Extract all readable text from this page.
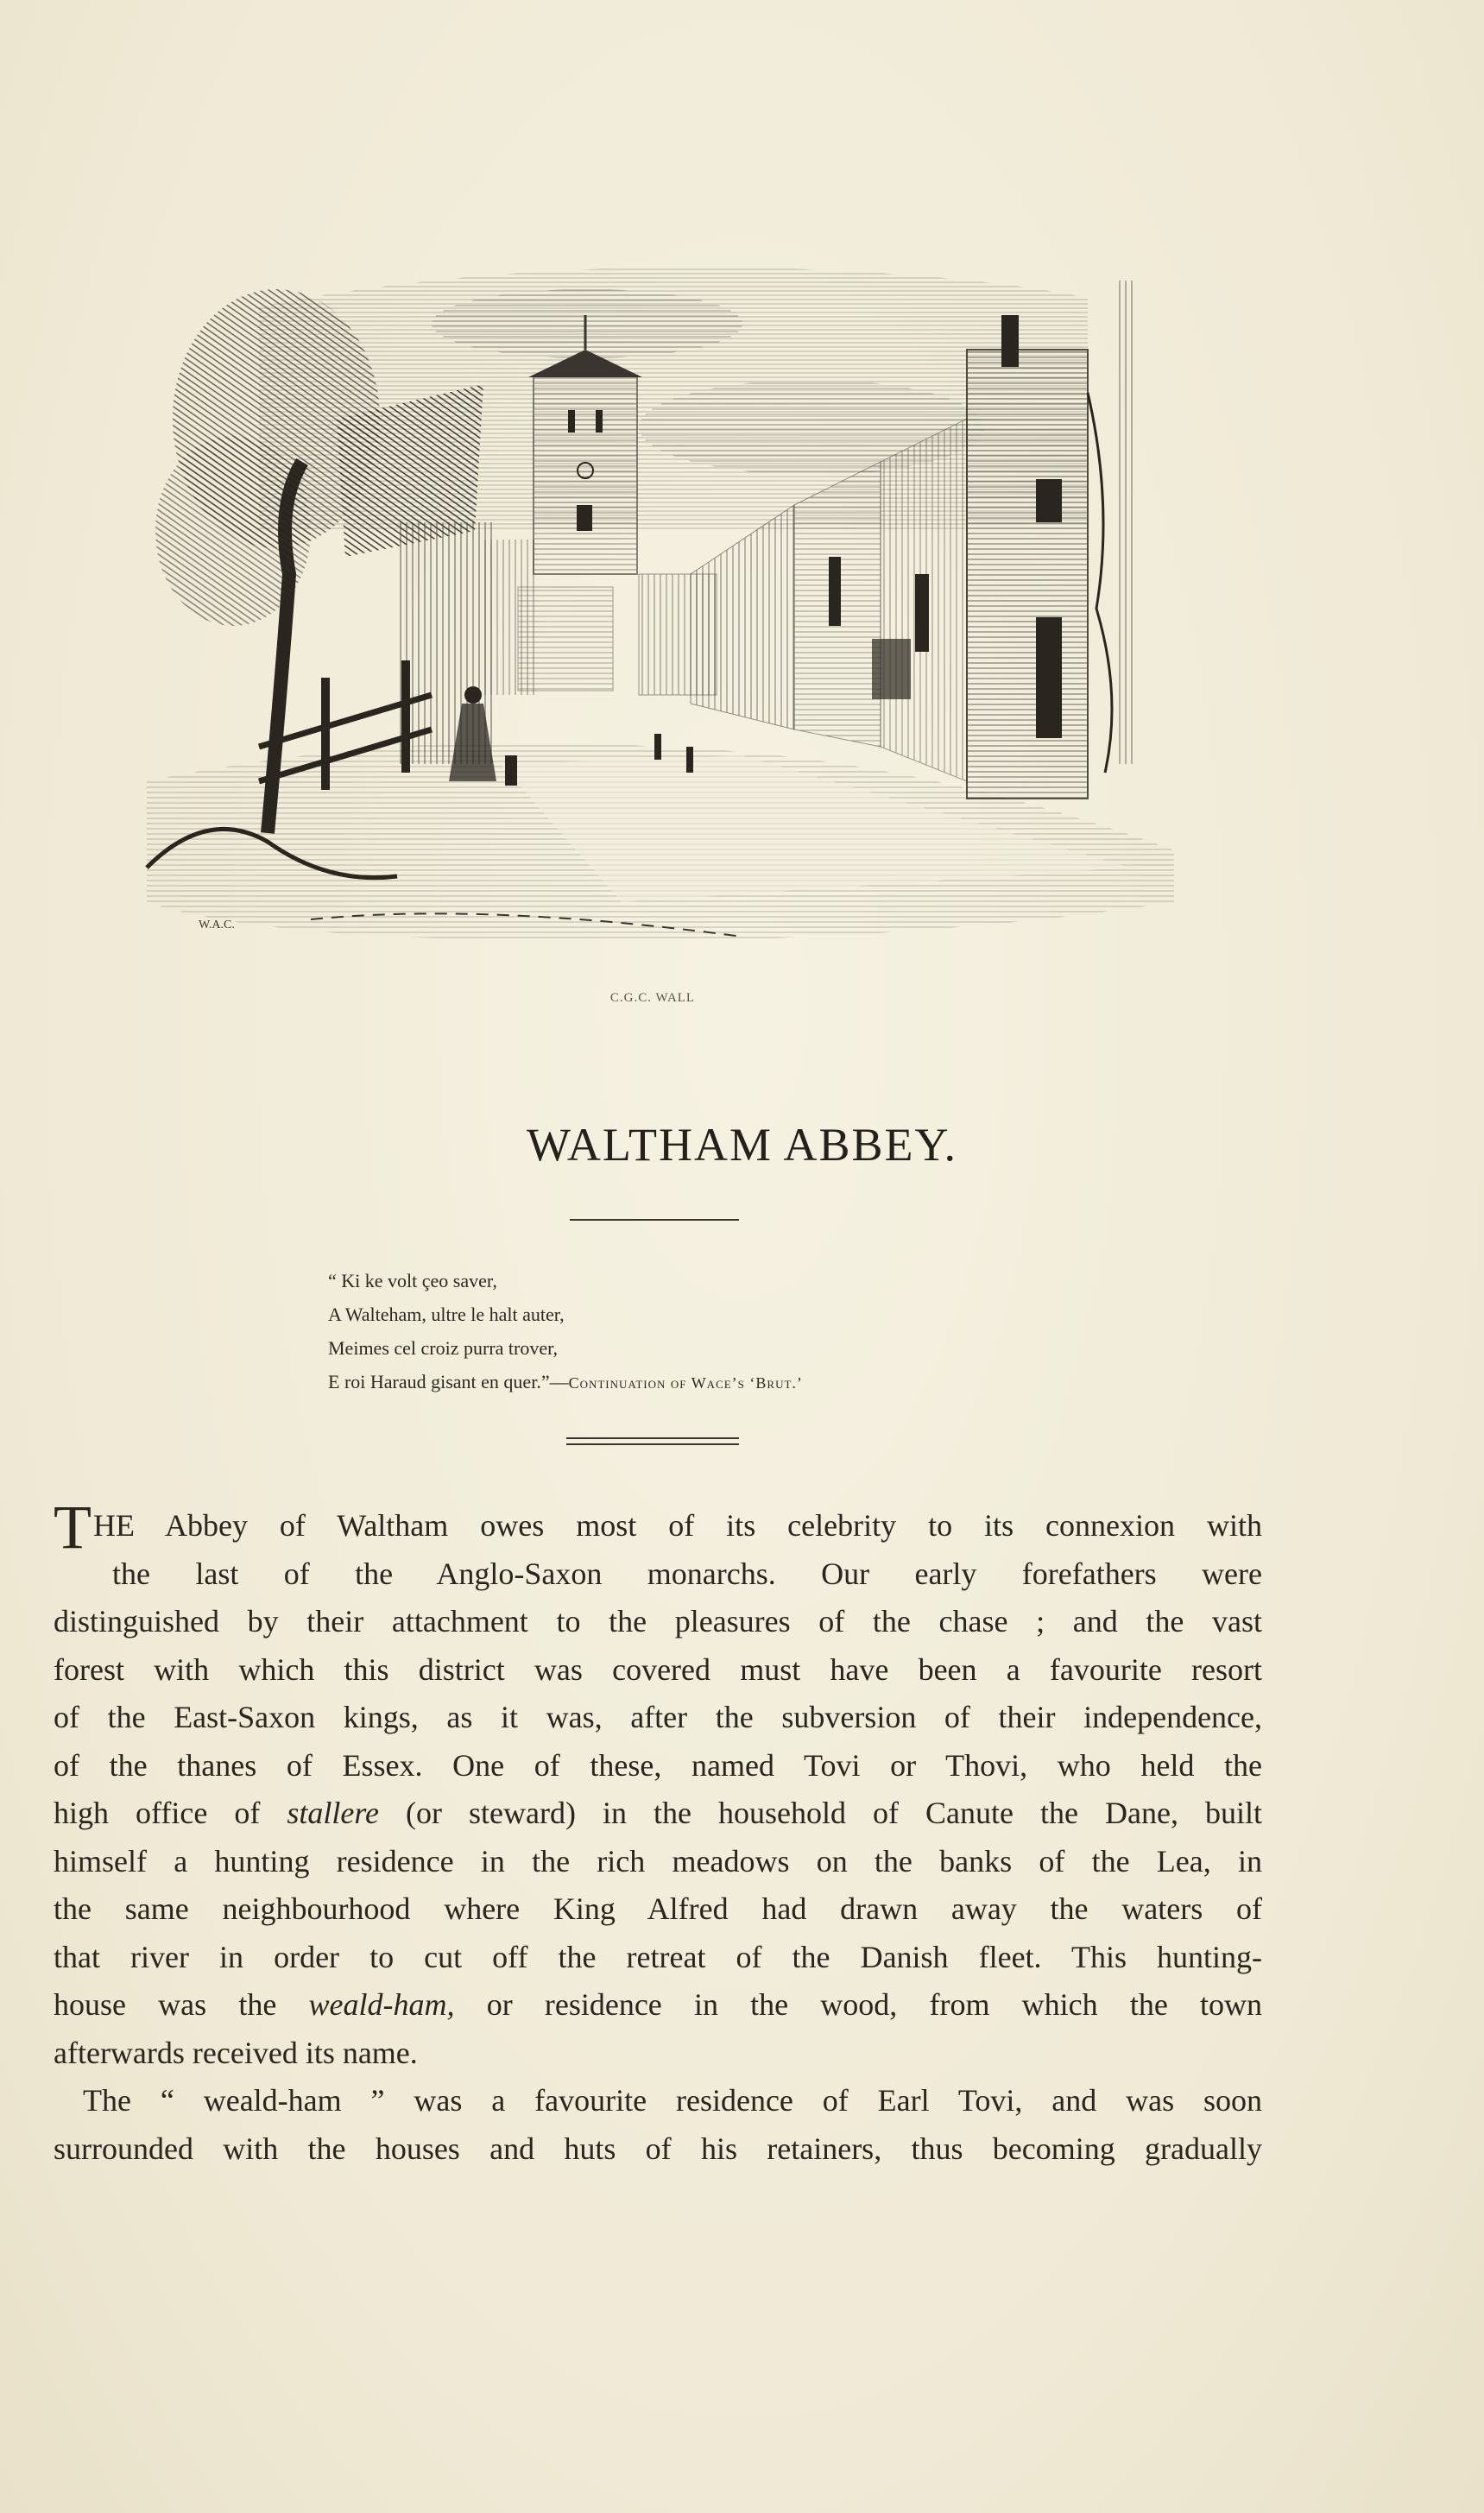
W.A.C.
C.G.C. WALL
WALTHAM ABBEY.
“ Ki ke volt çeo saver,
A Walteham, ultre le halt auter,
Meimes cel croiz purra trover,
E roi Haraud gisant en quer.”—Continuation of Wace’s ‘Brut.’
THE Abbey of Waltham owes most of its celebrity to its connexion with
the last of the Anglo-Saxon monarchs. Our early forefathers were
distinguished by their attachment to the pleasures of the chase ; and the vast
forest with which this district was covered must have been a favourite resort
of the East-Saxon kings, as it was, after the subversion of their independence,
of the thanes of Essex. One of these, named Tovi or Thovi, who held the
high office of stallere (or steward) in the household of Canute the Dane, built
himself a hunting residence in the rich meadows on the banks of the Lea, in
the same neighbourhood where King Alfred had drawn away the waters of
that river in order to cut off the retreat of the Danish fleet. This hunting-
house was the weald-ham, or residence in the wood, from which the town
afterwards received its name.
The “ weald-ham ” was a favourite residence of Earl Tovi, and was soon
surrounded with the houses and huts of his retainers, thus becoming gradually
